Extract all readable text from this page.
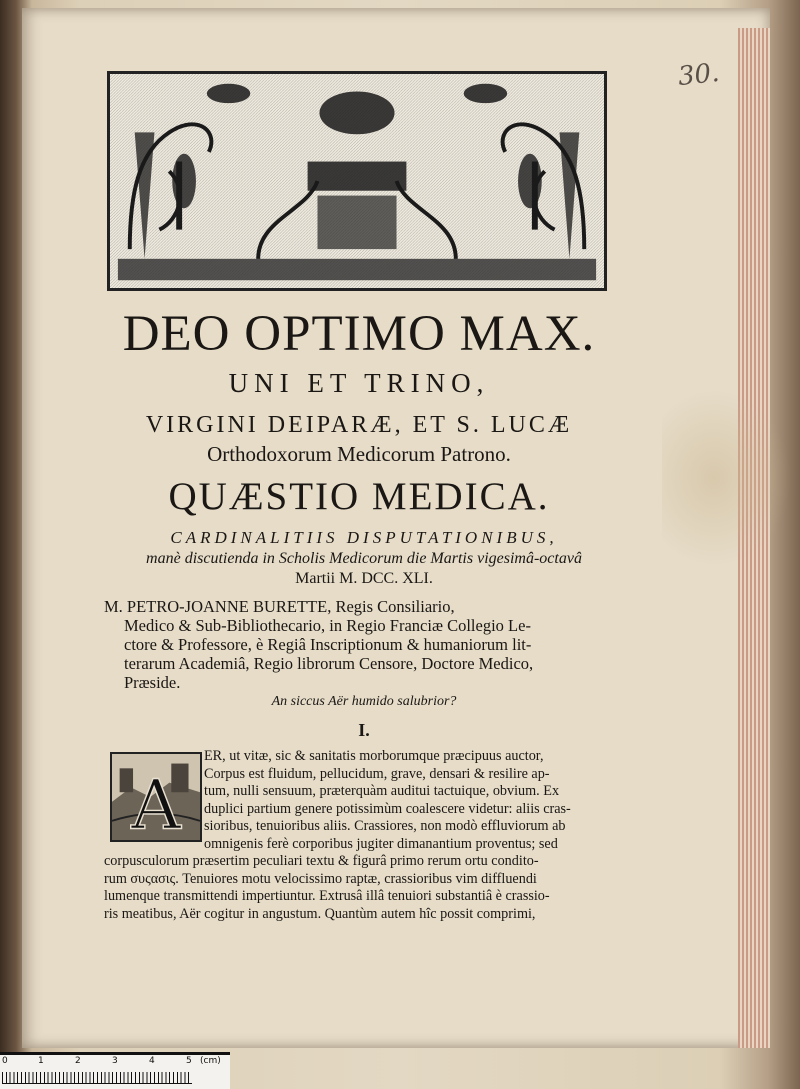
30.
DEO OPTIMO MAX.
UNI ET TRINO,
VIRGINI DEIPARÆ, ET S. LUCÆ
Orthodoxorum Medicorum Patrono.
QUÆSTIO MEDICA.
CARDINALITIIS DISPUTATIONIBUS,
manè discutienda in Scholis Medicorum die Martis vigesimâ-octavâ
Martii M. DCC. XLI.
M. PETRO-JOANNE BURETTE, Regis Consiliario,
Medico & Sub-Bibliothecario, in Regio Franciæ Collegio Le-
ctore & Professore, è Regiâ Inscriptionum & humaniorum lit-
terarum Academiâ, Regio librorum Censore, Doctore Medico,
Præside.
An siccus Aër humido salubrior?
I.
A
ER, ut vitæ, sic & sanitatis morborumque præcipuus auctor,
Corpus est fluidum, pellucidum, grave, densari & resilire ap-
tum, nulli sensuum, præterquàm auditui tactuique, obvium. Ex
duplici partium genere potissimùm coalescere videtur: aliis cras-
sioribus, tenuioribus aliis. Crassiores, non modò effluviorum ab
omnigenis ferè corporibus jugiter dimanantium proventus; sed
corpusculorum præsertim peculiari textu & figurâ primo rerum ortu condito-
rum συςασις. Tenuiores motu velocissimo raptæ, crassioribus vim diffluendi
lumenque transmittendi impertiuntur. Extrusâ illâ tenuiori substantiâ è crassio-
ris meatibus, Aër cogitur in angustum. Quantùm autem hîc possit comprimi,
0	1	2	3	4	5 (cm)
